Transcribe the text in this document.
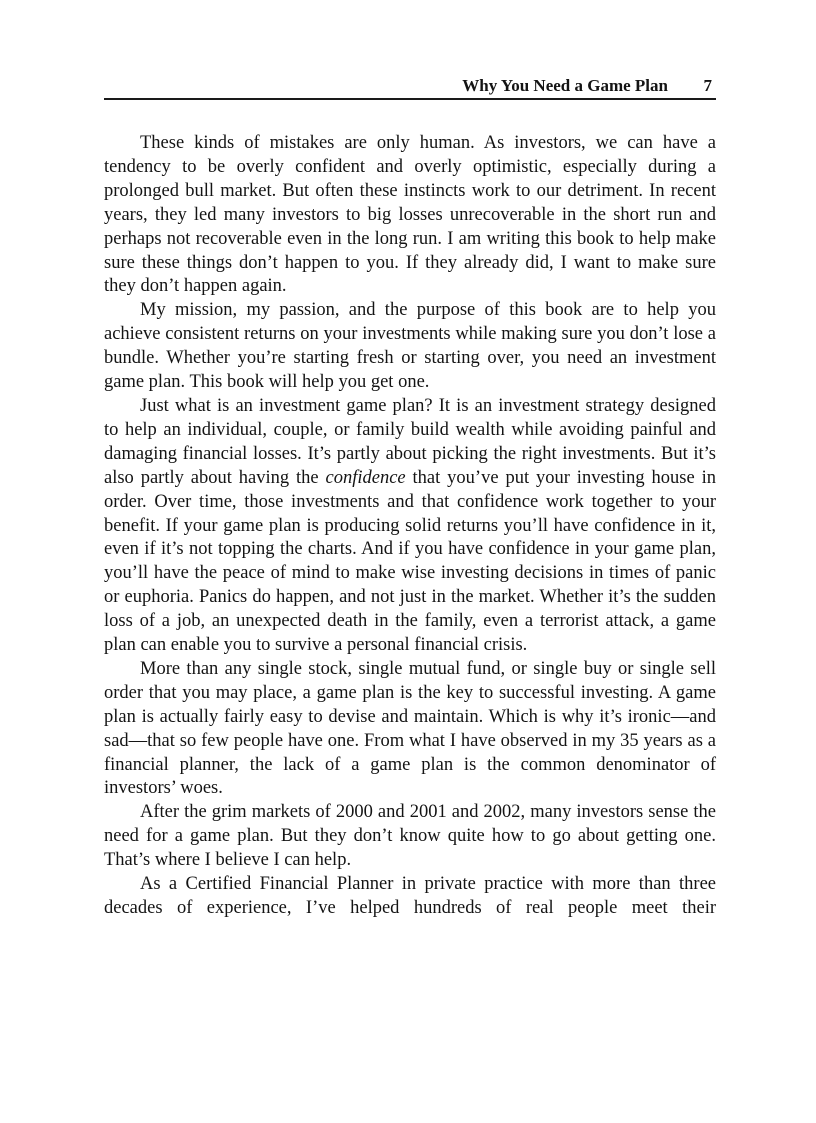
Why You Need a Game Plan 7

These kinds of mistakes are only human. As investors, we can have a tendency to be overly confident and overly optimistic, especially during a prolonged bull market. But often these instincts work to our detriment. In recent years, they led many investors to big losses unrecoverable in the short run and perhaps not recoverable even in the long run. I am writing this book to help make sure these things don’t happen to you. If they already did, I want to make sure they don’t happen again.

My mission, my passion, and the purpose of this book are to help you achieve consistent returns on your investments while making sure you don’t lose a bundle. Whether you’re starting fresh or starting over, you need an investment game plan. This book will help you get one.

Just what is an investment game plan? It is an investment strategy designed to help an individual, couple, or family build wealth while avoiding painful and damaging financial losses. It’s partly about picking the right investments. But it’s also partly about having the confidence that you’ve put your investing house in order. Over time, those investments and that confidence work together to your benefit. If your game plan is producing solid returns you’ll have confidence in it, even if it’s not topping the charts. And if you have confidence in your game plan, you’ll have the peace of mind to make wise investing decisions in times of panic or euphoria. Panics do happen, and not just in the market. Whether it’s the sudden loss of a job, an unexpected death in the family, even a terrorist attack, a game plan can enable you to survive a personal financial crisis.

More than any single stock, single mutual fund, or single buy or single sell order that you may place, a game plan is the key to successful investing. A game plan is actually fairly easy to devise and maintain. Which is why it’s ironic—and sad—that so few people have one. From what I have observed in my 35 years as a financial planner, the lack of a game plan is the common denominator of investors’ woes.

After the grim markets of 2000 and 2001 and 2002, many investors sense the need for a game plan. But they don’t know quite how to go about getting one. That’s where I believe I can help.

As a Certified Financial Planner in private practice with more than three decades of experience, I’ve helped hundreds of real people meet their
